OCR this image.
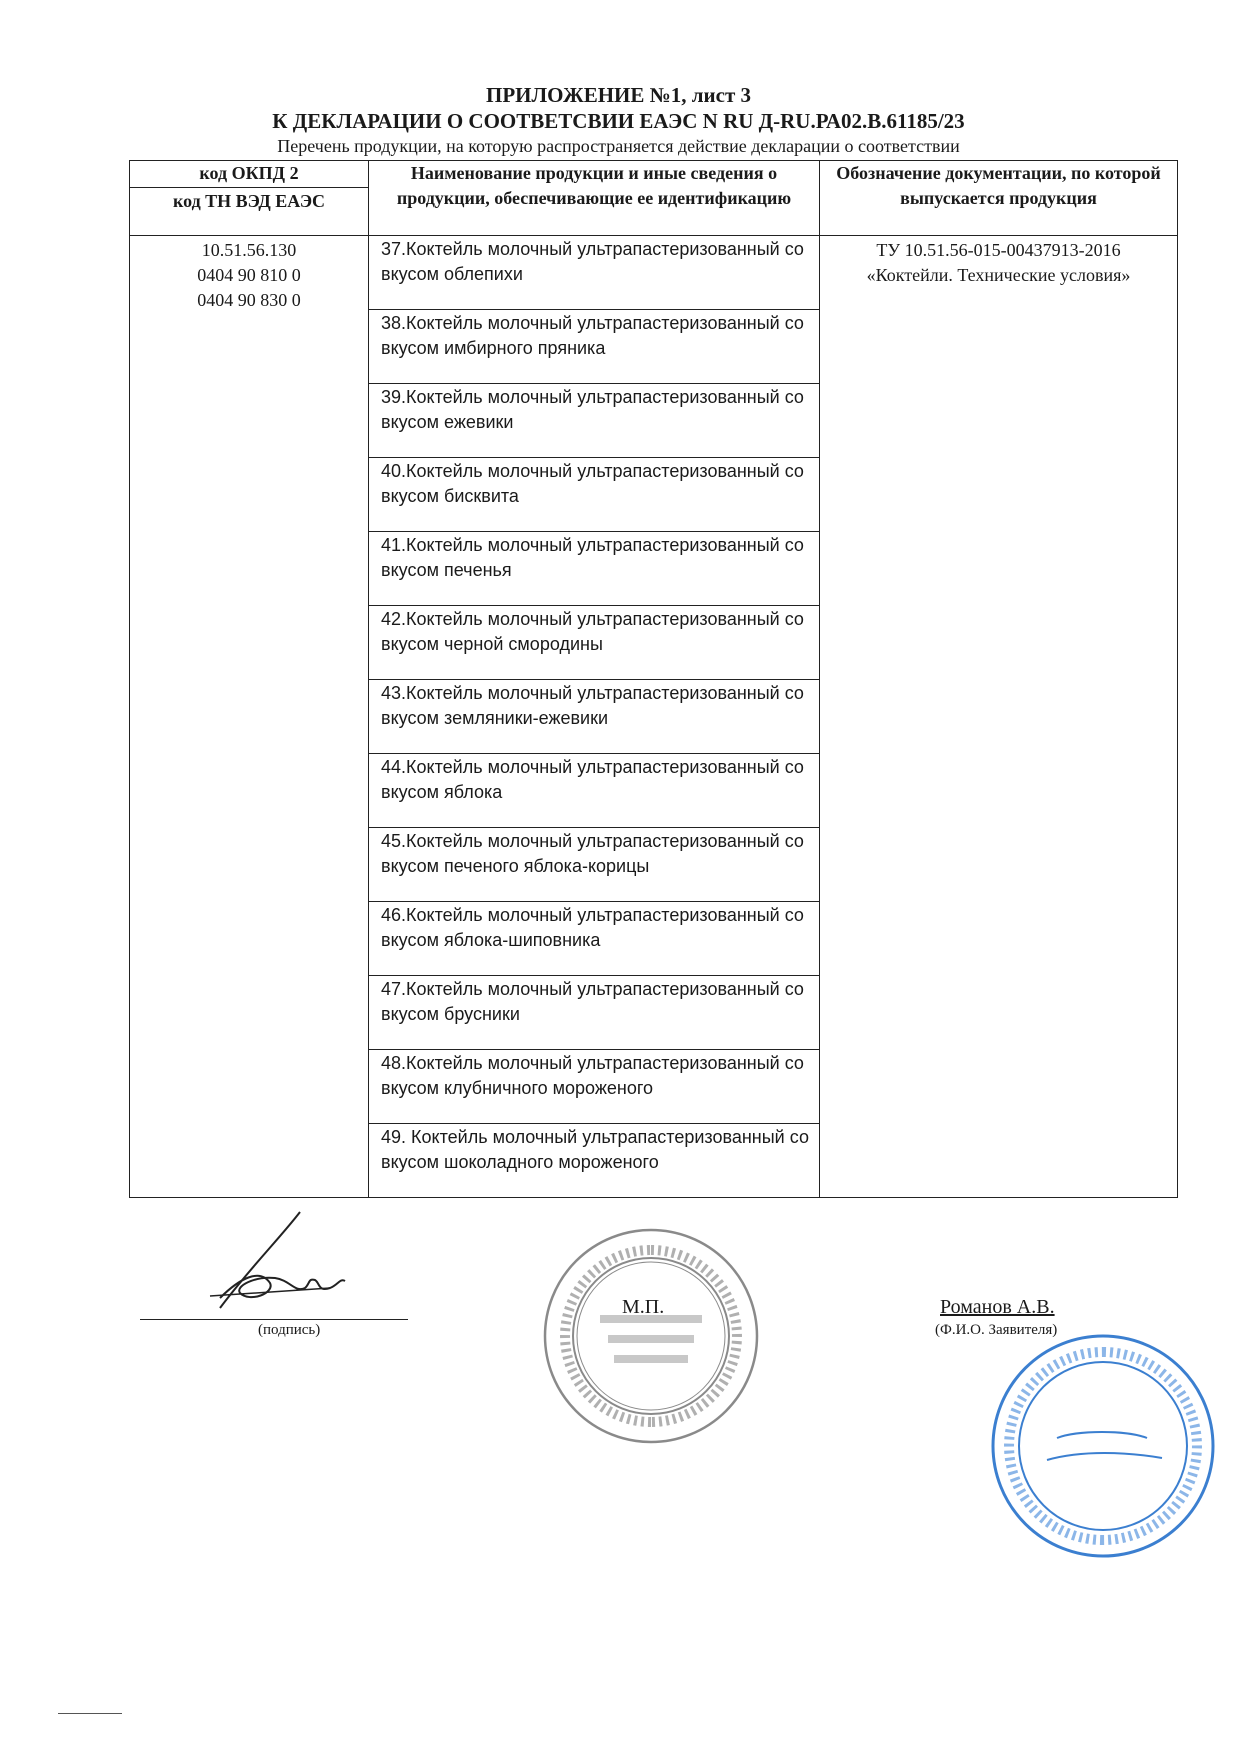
ПРИЛОЖЕНИЕ №1, лист 3
К ДЕКЛАРАЦИИ О СООТВЕТСВИИ ЕАЭС N RU Д-RU.РА02.В.61185/23
Перечень продукции, на которую распространяется действие декларации о соответствии
код ОКПД 2
код ТН ВЭД ЕАЭС	Наименование продукции и иные сведения о продукции, обеспечивающие ее идентификацию	Обозначение документации, по которой выпускается продукция

10.51.56.130
0404 90 810 0
0404 90 830 0	37.Коктейль молочный ультрапастеризованный со вкусом облепихи	ТУ 10.51.56-015-00437913-2016
«Коктейли. Технические условия»

	38.Коктейль молочный ультрапастеризованный со вкусом имбирного пряника	
	39.Коктейль молочный ультрапастеризованный со вкусом ежевики	
	40.Коктейль молочный ультрапастеризованный со вкусом бисквита	
	41.Коктейль молочный ультрапастеризованный со вкусом печенья	
	42.Коктейль молочный ультрапастеризованный со вкусом черной смородины	
	43.Коктейль молочный ультрапастеризованный со вкусом земляники-ежевики	
	44.Коктейль молочный ультрапастеризованный со вкусом яблока	
	45.Коктейль молочный ультрапастеризованный со вкусом печеного яблока-корицы	
	46.Коктейль молочный ультрапастеризованный со вкусом яблока-шиповника	
	47.Коктейль молочный ультрапастеризованный со вкусом брусники	
	48.Коктейль молочный ультрапастеризованный со вкусом клубничного мороженого	
	49. Коктейль молочный ультрапастеризованный со вкусом шоколадного мороженого	
(подпись)
М.П.	Романов А.В.
(Ф.И.О. Заявителя)
